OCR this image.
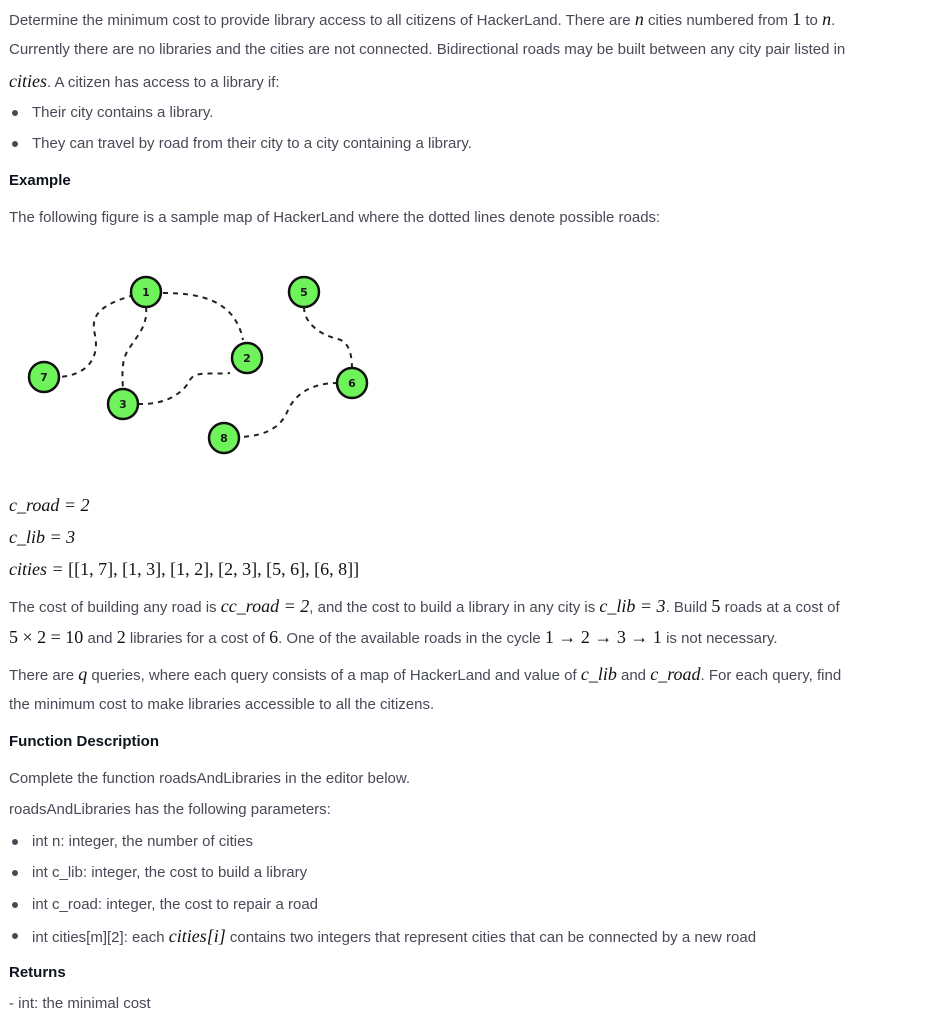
Determine the minimum cost to provide library access to all citizens of HackerLand. There are n cities numbered from 1 to n.
Currently there are no libraries and the cities are not connected. Bidirectional roads may be built between any city pair listed in
cities. A citizen has access to a library if:
Their city contains a library.
They can travel by road from their city to a city containing a library.
Example
The following figure is a sample map of HackerLand where the dotted lines denote possible roads:
1
2
3
5
6
7
8
c_road = 2
c_lib = 3
cities = [[1, 7], [1, 3], [1, 2], [2, 3], [5, 6], [6, 8]]
The cost of building any road is cc_road = 2, and the cost to build a library in any city is c_lib = 3. Build 5 roads at a cost of
5 × 2 = 10 and 2 libraries for a cost of 6. One of the available roads in the cycle 1 → 2 → 3 → 1 is not necessary.
There are q queries, where each query consists of a map of HackerLand and value of c_lib and c_road. For each query, find
the minimum cost to make libraries accessible to all the citizens.
Function Description
Complete the function roadsAndLibraries in the editor below.
roadsAndLibraries has the following parameters:
int n: integer, the number of cities
int c_lib: integer, the cost to build a library
int c_road: integer, the cost to repair a road
int cities[m][2]: each cities[i] contains two integers that represent cities that can be connected by a new road
Returns
- int: the minimal cost
